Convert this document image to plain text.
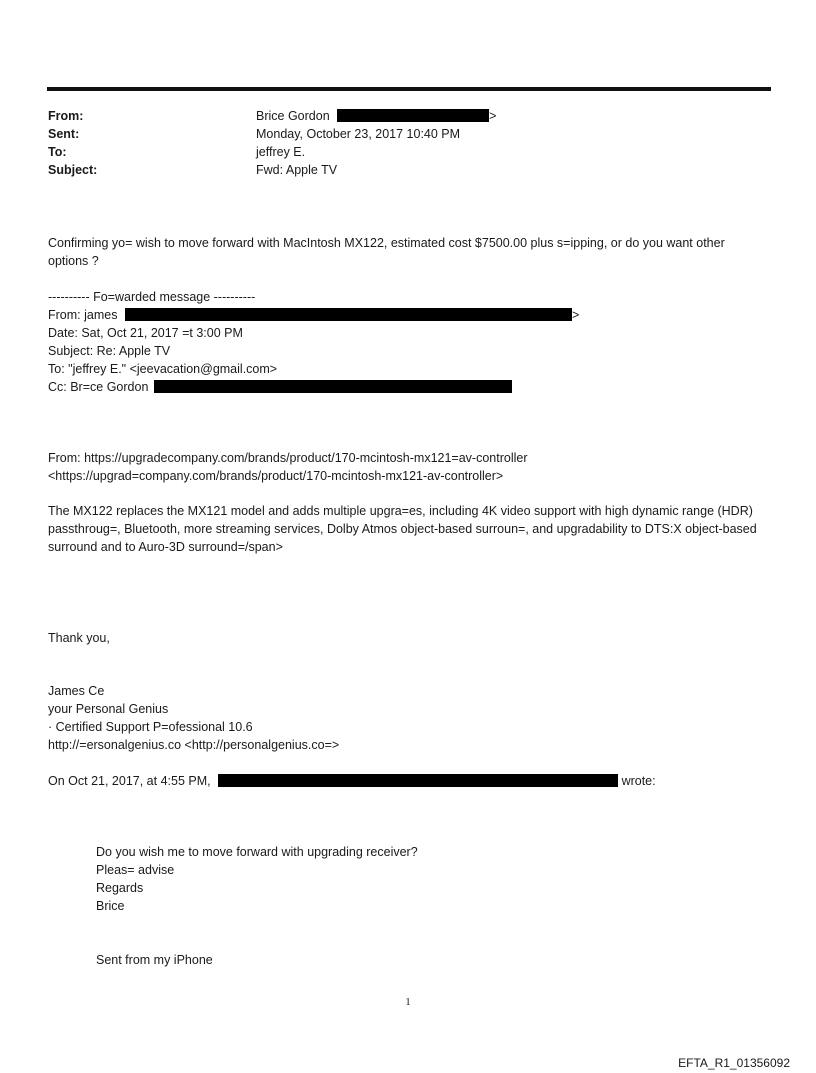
From:	Brice Gordon	>
Sent:	Monday, October 23, 2017 10:40 PM
To:	jeffrey E.
Subject:	Fwd: Apple TV
Confirming yo= wish to move forward with MacIntosh MX122, estimated cost $7500.00 plus s=ipping, or do you want other options ?
---------- Fo=warded message ----------
From: james	>
Date: Sat, Oct 21, 2017 =t 3:00 PM
Subject: Re: Apple TV
To: "jeffrey E." <jeevacation@gmail.com>
Cc: Br=ce Gordon
From: https://upgradecompany.com/brands/product/170-mcintosh-mx121=av-controller
<https://upgrad=company.com/brands/product/170-mcintosh-mx121-av-controller>
The MX122 replaces the MX121 model and adds multiple upgra=es, including 4K video support with high dynamic range (HDR) passthroug=, Bluetooth, more streaming services, Dolby Atmos object-based surroun=, and upgradability to DTS:X object-based surround and to Auro-3D surround=/span>
Thank you,
James Ce
your Personal Genius
· Certified Support P=ofessional 10.6
http://=ersonalgenius.co <http://personalgenius.co=>
On Oct 21, 2017, at 4:55 PM,	wrote:
Do you wish me to move forward with upgrading receiver?
Pleas= advise
Regards
Brice
Sent from my iPhone
1
EFTA_R1_01356092
